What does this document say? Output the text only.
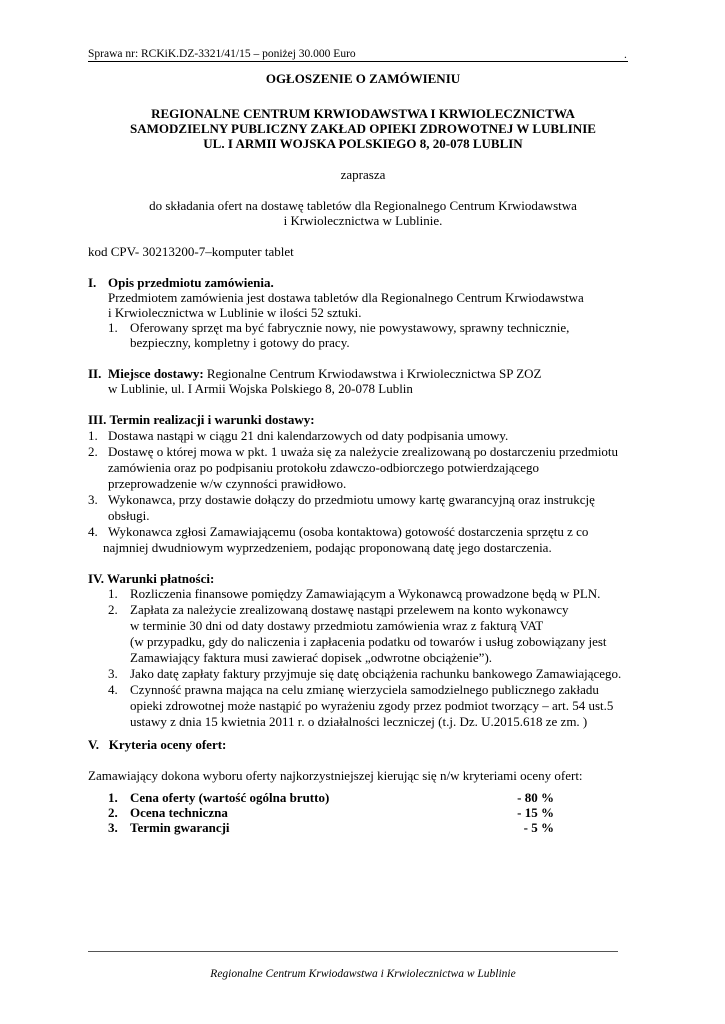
Sprawa nr: RCKiK.DZ-3321/41/15 – poniżej 30.000 Euro	.
OGŁOSZENIE O ZAMÓWIENIU
REGIONALNE CENTRUM KRWIODAWSTWA I KRWIOLECZNICTWA
SAMODZIELNY PUBLICZNY ZAKŁAD OPIEKI ZDROWOTNEJ W LUBLINIE
UL. I ARMII WOJSKA POLSKIEGO 8, 20-078 LUBLIN
zaprasza
do składania ofert na dostawę tabletów dla Regionalnego Centrum Krwiodawstwa
i Krwiolecznictwa w Lublinie.
kod CPV- 30213200-7–komputer tablet
I. Opis przedmiotu zamówienia.
Przedmiotem zamówienia jest dostawa tabletów dla Regionalnego Centrum Krwiodawstwa
i Krwiolecznictwa w Lublinie w ilości 52 sztuki.
1. Oferowany sprzęt ma być fabrycznie nowy, nie powystawowy, sprawny technicznie,
bezpieczny, kompletny i gotowy do pracy.
II. Miejsce dostawy: Regionalne Centrum Krwiodawstwa i Krwiolecznictwa SP ZOZ
w Lublinie, ul. I Armii Wojska Polskiego 8, 20-078 Lublin
III. Termin realizacji i warunki dostawy:
1. Dostawa nastąpi w ciągu 21 dni kalendarzowych od daty podpisania umowy.
2. Dostawę o której mowa w pkt. 1 uważa się za należycie zrealizowaną po dostarczeniu przedmiotu
zamówienia oraz po podpisaniu protokołu zdawczo-odbiorczego potwierdzającego
przeprowadzenie w/w czynności prawidłowo.
3. Wykonawca, przy dostawie dołączy do przedmiotu umowy kartę gwarancyjną oraz instrukcję
obsługi.
4. Wykonawca zgłosi Zamawiającemu (osoba kontaktowa) gotowość dostarczenia sprzętu z co
najmniej dwudniowym wyprzedzeniem, podając proponowaną datę jego dostarczenia.
IV. Warunki płatności:
1. Rozliczenia finansowe pomiędzy Zamawiającym a Wykonawcą prowadzone będą w PLN.
2. Zapłata za należycie zrealizowaną dostawę nastąpi przelewem na konto wykonawcy
w terminie 30 dni od daty dostawy przedmiotu zamówienia wraz z fakturą VAT
(w przypadku, gdy do naliczenia i zapłacenia podatku od towarów i usług zobowiązany jest
Zamawiający faktura musi zawierać dopisek „odwrotne obciążenie”).
3. Jako datę zapłaty faktury przyjmuje się datę obciążenia rachunku bankowego Zamawiającego.
4. Czynność prawna mająca na celu zmianę wierzyciela samodzielnego publicznego zakładu
opieki zdrowotnej może nastąpić po wyrażeniu zgody przez podmiot tworzący – art. 54 ust.5
ustawy z dnia 15 kwietnia 2011 r. o działalności leczniczej (t.j. Dz. U.2015.618 ze zm. )
V.   Kryteria oceny ofert:
Zamawiający dokona wyboru oferty najkorzystniejszej kierując się n/w kryteriami oceny ofert:
1. Cena oferty (wartość ogólna brutto)	- 80 %
2. Ocena techniczna	- 15 %
3. Termin gwarancji	- 5 %
Regionalne Centrum Krwiodawstwa i Krwiolecznictwa w Lublinie
